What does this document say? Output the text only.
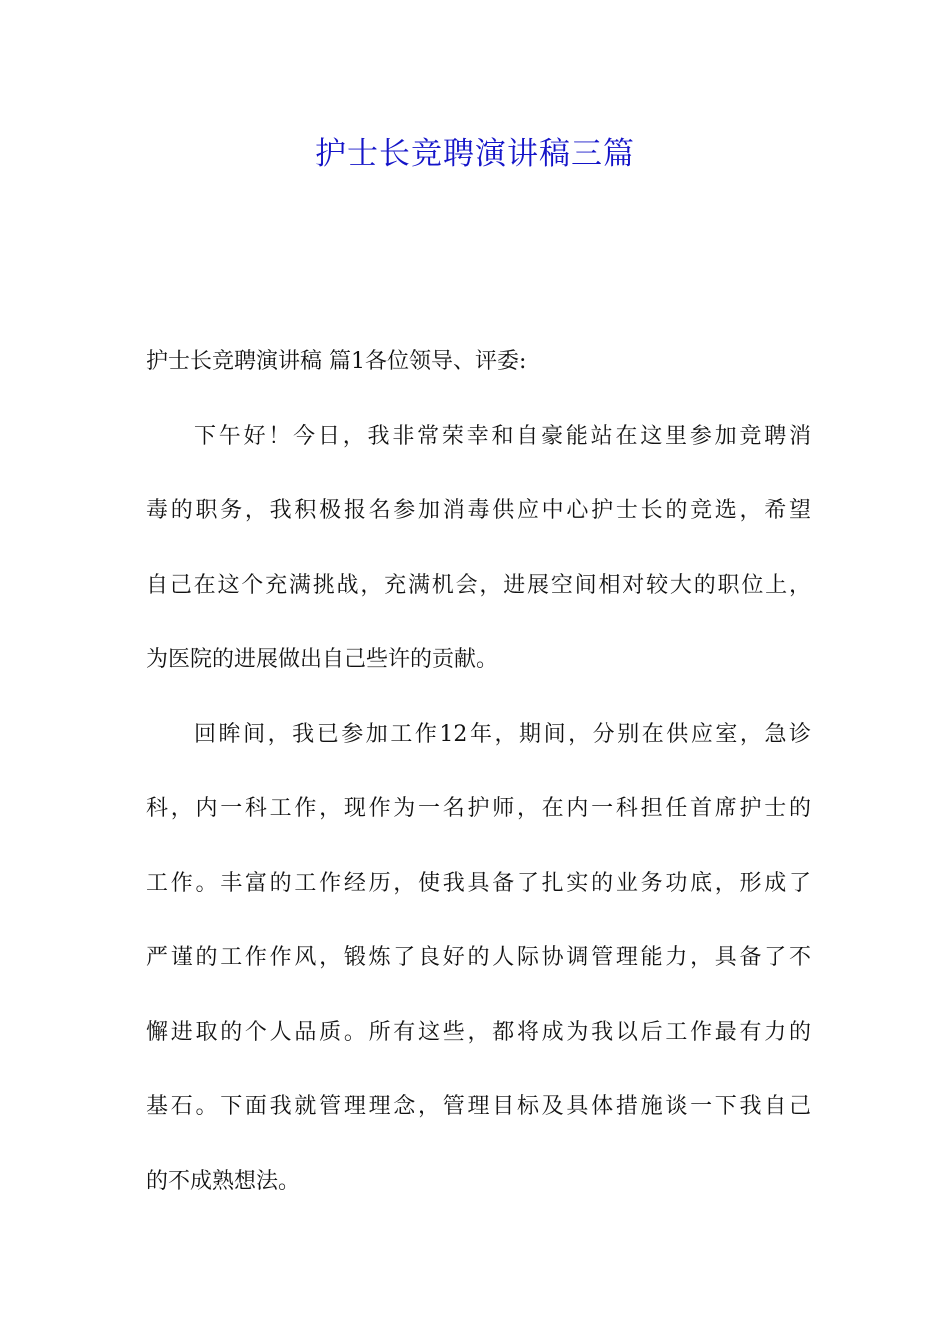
护士长竞聘演讲稿三篇

护士长竞聘演讲稿 篇1各位领导、评委:

下午好！今日，我非常荣幸和自豪能站在这里参加竞聘消

毒的职务，我积极报名参加消毒供应中心护士长的竞选，希望

自己在这个充满挑战，充满机会，进展空间相对较大的职位上，

为医院的进展做出自己些许的贡献。

回眸间，我已参加工作12年，期间，分别在供应室，急诊

科，内一科工作，现作为一名护师，在内一科担任首席护士的

工作。丰富的工作经历，使我具备了扎实的业务功底，形成了

严谨的工作作风，锻炼了良好的人际协调管理能力，具备了不

懈进取的个人品质。所有这些，都将成为我以后工作最有力的

基石。下面我就管理理念，管理目标及具体措施谈一下我自己

的不成熟想法。
